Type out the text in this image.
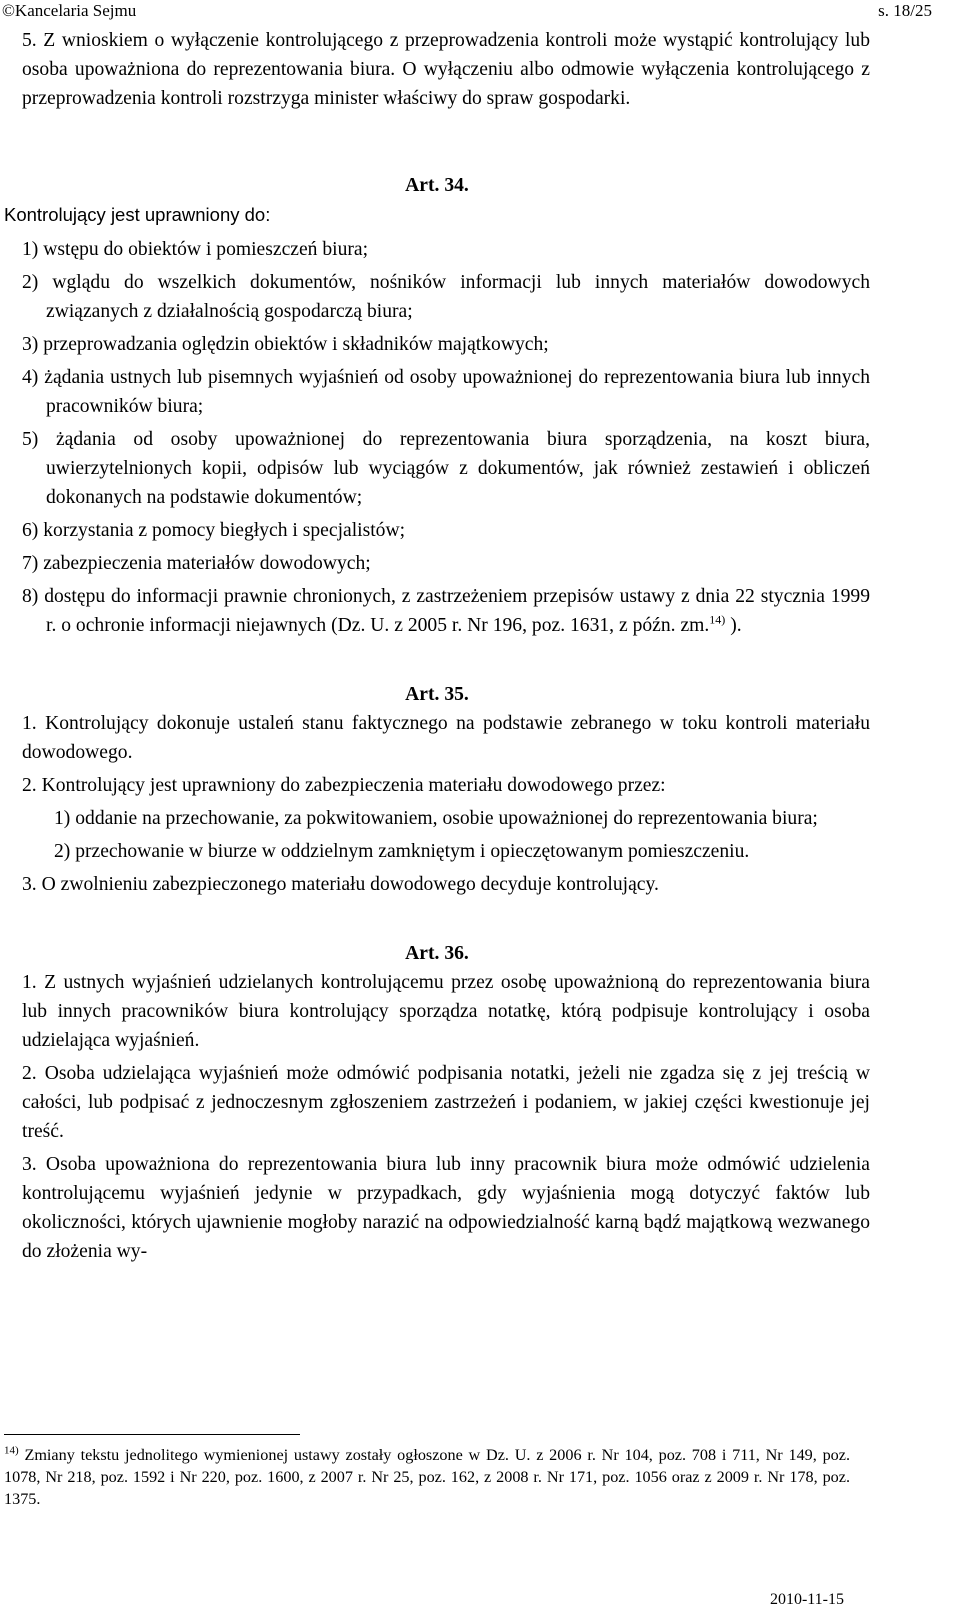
©Kancelaria Sejmu	s. 18/25

5. Z wnioskiem o wyłączenie kontrolującego z przeprowadzenia kontroli może wystąpić kontrolujący lub osoba upoważniona do reprezentowania biura. O wyłączeniu albo odmowie wyłączenia kontrolującego z przeprowadzenia kontroli rozstrzyga minister właściwy do spraw gospodarki.

Art. 34.

Kontrolujący jest uprawniony do:

1) wstępu do obiektów i pomieszczeń biura;

2) wglądu do wszelkich dokumentów, nośników informacji lub innych materiałów dowodowych związanych z działalnością gospodarczą biura;

3) przeprowadzania oględzin obiektów i składników majątkowych;

4) żądania ustnych lub pisemnych wyjaśnień od osoby upoważnionej do reprezentowania biura lub innych pracowników biura;

5) żądania od osoby upoważnionej do reprezentowania biura sporządzenia, na koszt biura, uwierzytelnionych kopii, odpisów lub wyciągów z dokumentów, jak również zestawień i obliczeń dokonanych na podstawie dokumentów;

6) korzystania z pomocy biegłych i specjalistów;

7) zabezpieczenia materiałów dowodowych;

8) dostępu do informacji prawnie chronionych, z zastrzeżeniem przepisów ustawy z dnia 22 stycznia 1999 r. o ochronie informacji niejawnych (Dz. U. z 2005 r. Nr 196, poz. 1631, z późn. zm.$^{14)}$ ).

Art. 35.

1. Kontrolujący dokonuje ustaleń stanu faktycznego na podstawie zebranego w toku kontroli materiału dowodowego.

2. Kontrolujący jest uprawniony do zabezpieczenia materiału dowodowego przez:

1) oddanie na przechowanie, za pokwitowaniem, osobie upoważnionej do reprezentowania biura;

2) przechowanie w biurze w oddzielnym zamkniętym i opieczętowanym pomieszczeniu.

3. O zwolnieniu zabezpieczonego materiału dowodowego decyduje kontrolujący.

Art. 36.

1. Z ustnych wyjaśnień udzielanych kontrolującemu przez osobę upoważnioną do reprezentowania biura lub innych pracowników biura kontrolujący sporządza notatkę, którą podpisuje kontrolujący i osoba udzielająca wyjaśnień.

2. Osoba udzielająca wyjaśnień może odmówić podpisania notatki, jeżeli nie zgadza się z jej treścią w całości, lub podpisać z jednoczesnym zgłoszeniem zastrzeżeń i podaniem, w jakiej części kwestionuje jej treść.

3. Osoba upoważniona do reprezentowania biura lub inny pracownik biura może odmówić udzielenia kontrolującemu wyjaśnień jedynie w przypadkach, gdy wyjaśnienia mogą dotyczyć faktów lub okoliczności, których ujawnienie mogłoby narazić na odpowiedzialność karną bądź majątkową wezwanego do złożenia wy-

$^{14)}$ Zmiany tekstu jednolitego wymienionej ustawy zostały ogłoszone w Dz. U. z 2006 r. Nr 104, poz. 708 i 711, Nr 149, poz. 1078, Nr 218, poz. 1592 i Nr 220, poz. 1600, z 2007 r. Nr 25, poz. 162, z 2008 r. Nr 171, poz. 1056 oraz z 2009 r. Nr 178, poz. 1375.
2010-11-15
